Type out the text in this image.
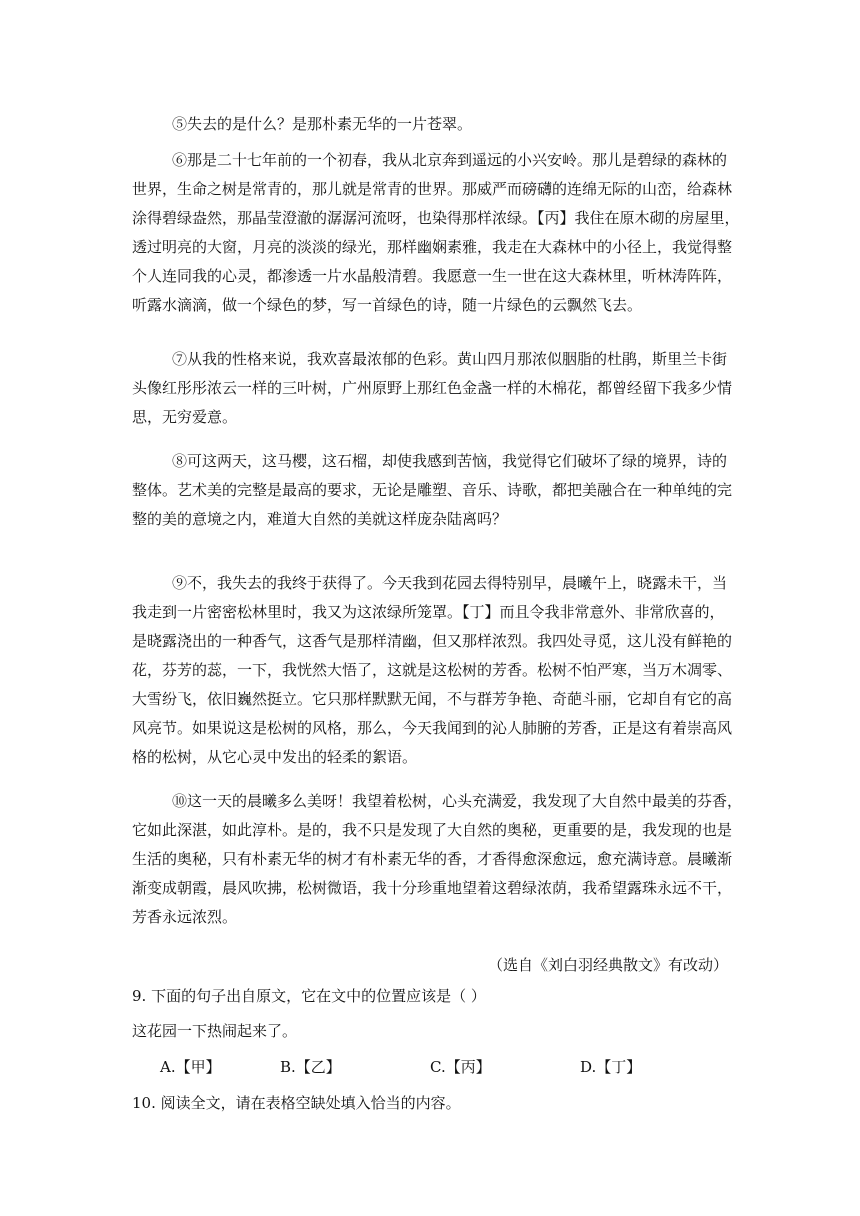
⑤失去的是什么？是那朴素无华的一片苍翠。
⑥那是二十七年前的一个初春，我从北京奔到遥远的小兴安岭。那儿是碧绿的森林的
世界，生命之树是常青的，那儿就是常青的世界。那威严而磅礴的连绵无际的山峦，给森林
涂得碧绿盎然，那晶莹澄澈的潺潺河流呀，也染得那样浓绿。【丙】我住在原木砌的房屋里，
透过明亮的大窗，月亮的淡淡的绿光，那样幽娴素雅，我走在大森林中的小径上，我觉得整
个人连同我的心灵，都渗透一片水晶般清碧。我愿意一生一世在这大森林里，听林涛阵阵，
听露水滴滴，做一个绿色的梦，写一首绿色的诗，随一片绿色的云飘然飞去。
⑦从我的性格来说，我欢喜最浓郁的色彩。黄山四月那浓似胭脂的杜鹃，斯里兰卡街
头像红彤彤浓云一样的三叶树，广州原野上那红色金盏一样的木棉花，都曾经留下我多少情
思，无穷爱意。
⑧可这两天，这马樱，这石榴，却使我感到苦恼，我觉得它们破坏了绿的境界，诗的
整体。艺术美的完整是最高的要求，无论是雕塑、音乐、诗歌，都把美融合在一种单纯的完
整的美的意境之内，难道大自然的美就这样庞杂陆离吗？
⑨不，我失去的我终于获得了。今天我到花园去得特别早，晨曦午上，晓露未干，当
我走到一片密密松林里时，我又为这浓绿所笼罩。【丁】而且令我非常意外、非常欣喜的，
是晓露浇出的一种香气，这香气是那样清幽，但又那样浓烈。我四处寻觅，这儿没有鲜艳的
花，芬芳的蕊，一下，我恍然大悟了，这就是这松树的芳香。松树不怕严寒，当万木凋零、
大雪纷飞，依旧巍然挺立。它只那样默默无闻，不与群芳争艳、奇葩斗丽，它却自有它的高
风亮节。如果说这是松树的风格，那么，今天我闻到的沁人肺腑的芳香，正是这有着崇高风
格的松树，从它心灵中发出的轻柔的絮语。
⑩这一天的晨曦多么美呀！我望着松树，心头充满爱，我发现了大自然中最美的芬香，
它如此深湛，如此淳朴。是的，我不只是发现了大自然的奥秘，更重要的是，我发现的也是
生活的奥秘，只有朴素无华的树才有朴素无华的香，才香得愈深愈远，愈充满诗意。晨曦渐
渐变成朝霞，晨风吹拂，松树微语，我十分珍重地望着这碧绿浓荫，我希望露珠永远不干，
芳香永远浓烈。
（选自《刘白羽经典散文》有改动）
9. 下面的句子出自原文，它在文中的位置应该是（ ）
这花园一下热闹起来了。
A.【甲】	B.【乙】	C.【丙】	D.【丁】
10. 阅读全文，请在表格空缺处填入恰当的内容。
